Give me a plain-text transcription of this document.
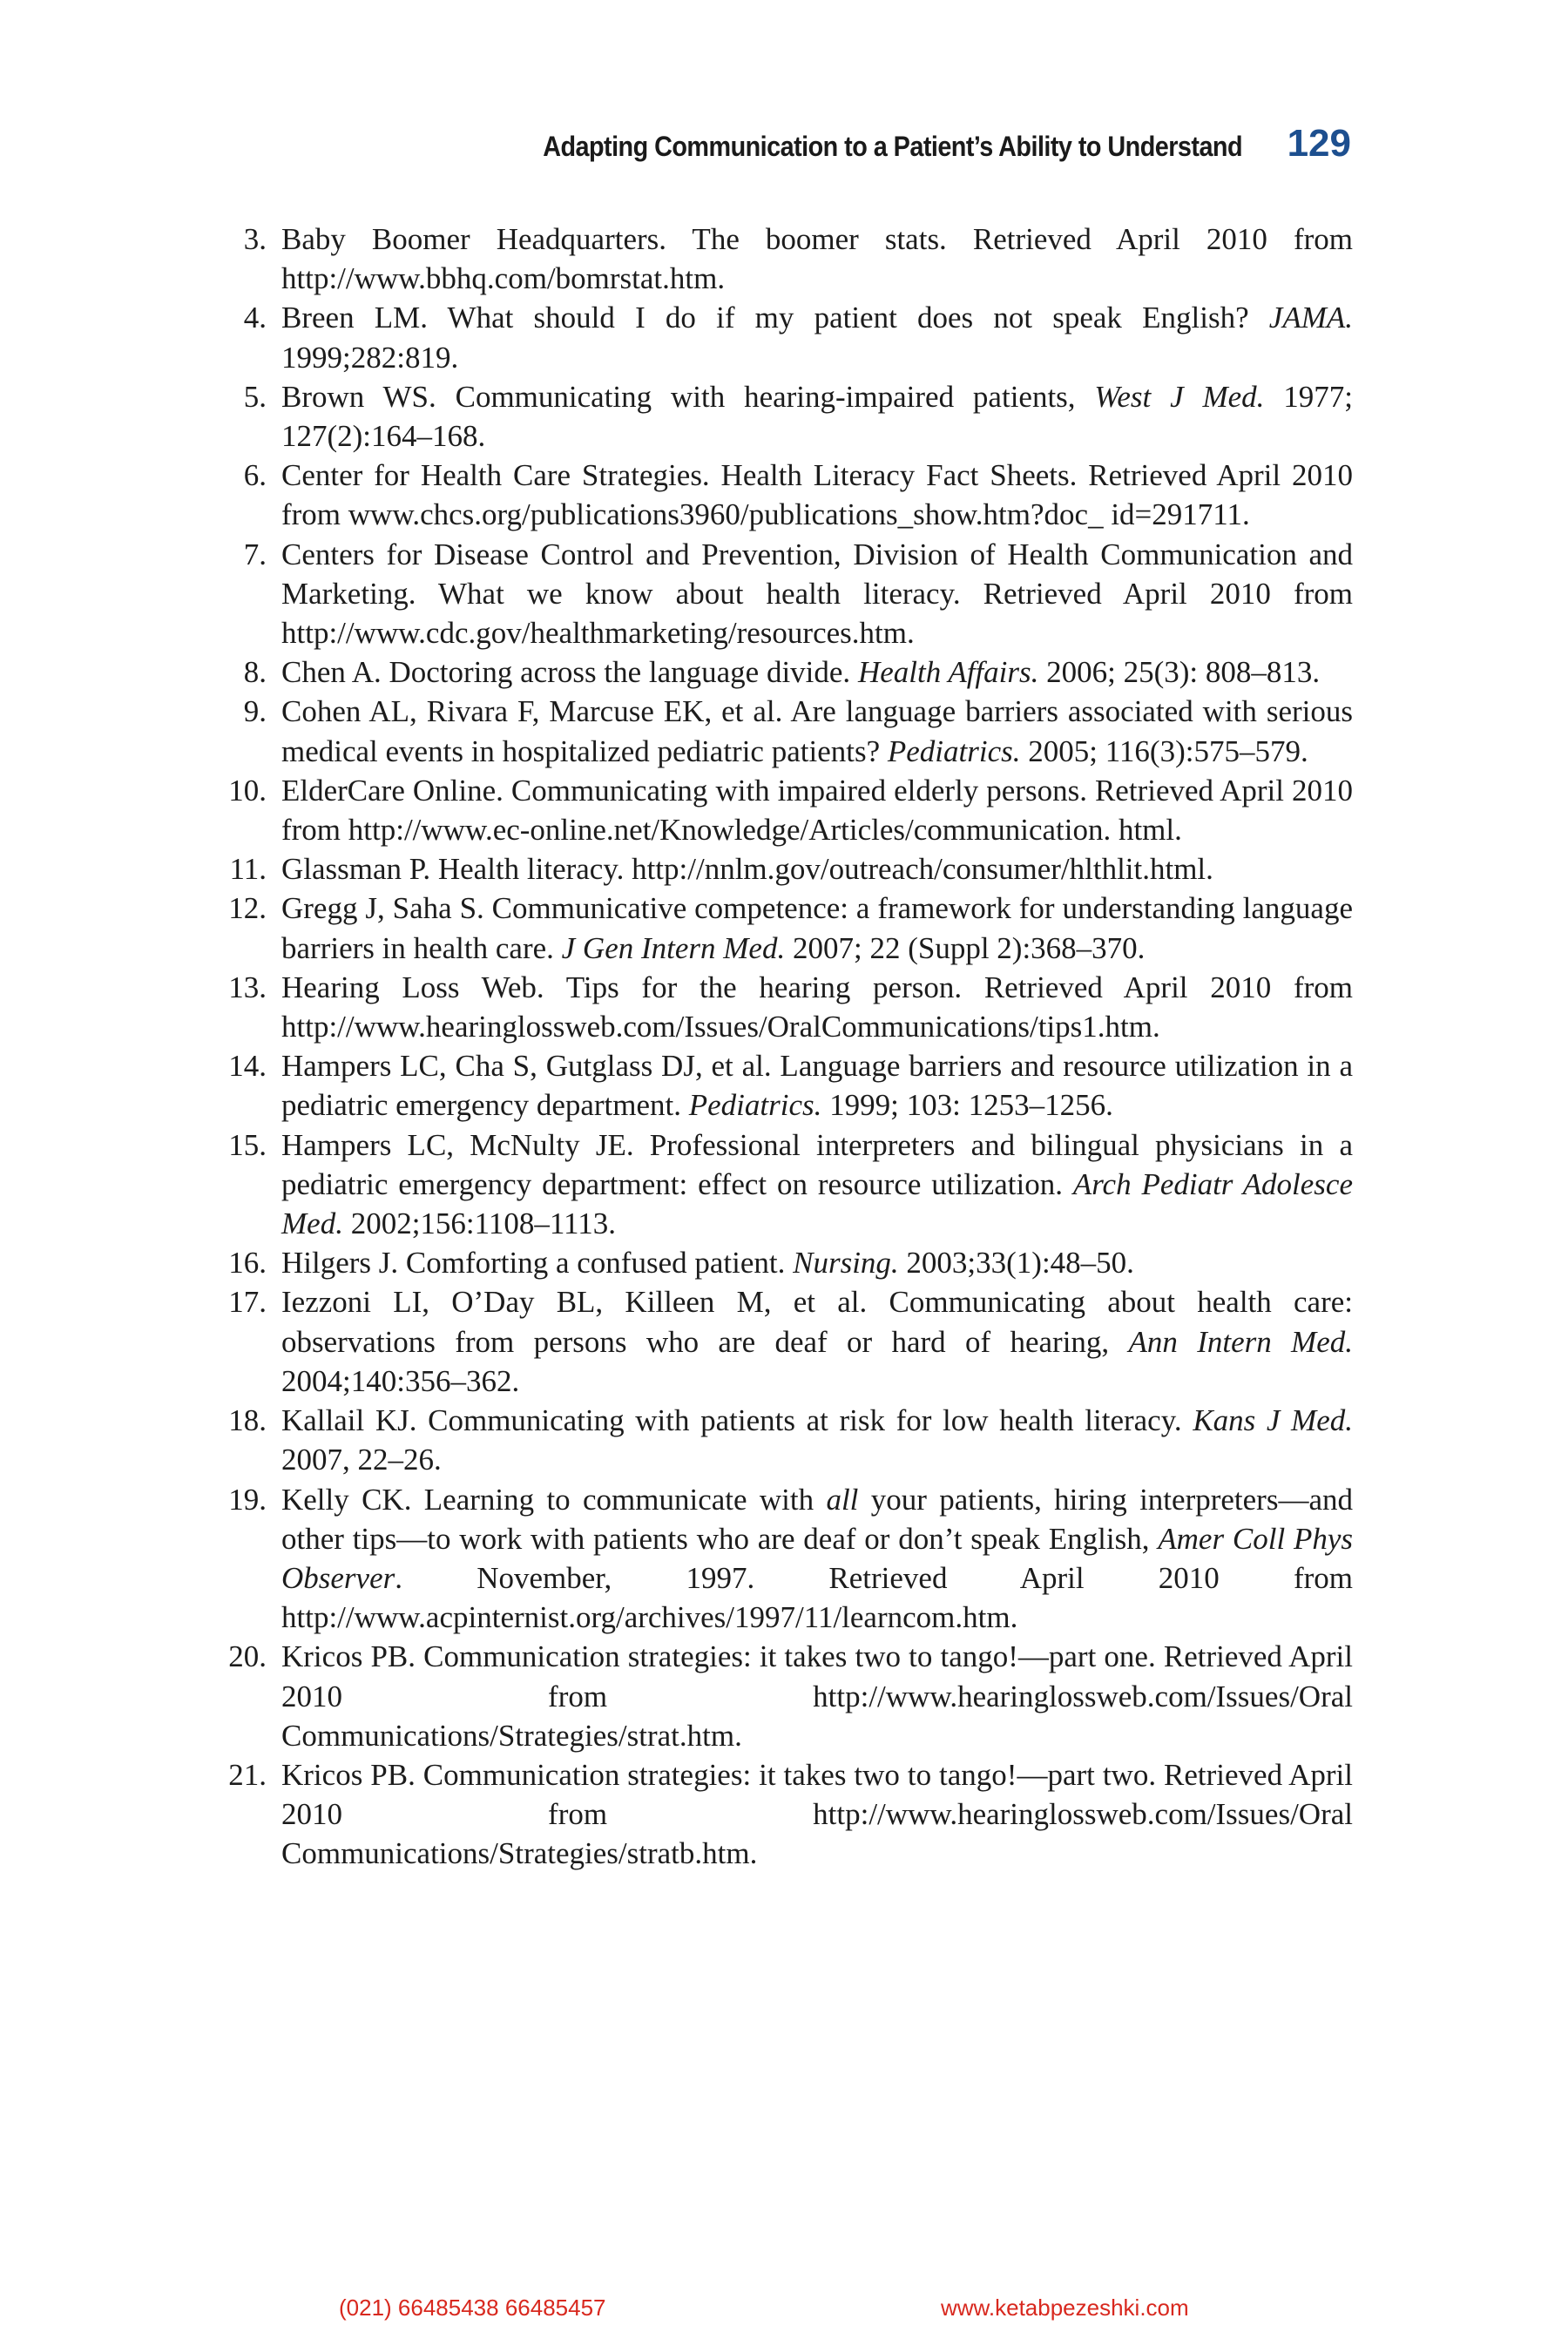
Adapting Communication to a Patient’s Ability to Understand 129
3. Baby Boomer Headquarters. The boomer stats. Retrieved April 2010 from http://www.bbhq.com/bomrstat.htm.
4. Breen LM. What should I do if my patient does not speak English? JAMA. 1999;282:819.
5. Brown WS. Communicating with hearing-impaired patients, West J Med. 1977; 127(2):164–168.
6. Center for Health Care Strategies. Health Literacy Fact Sheets. Retrieved April 2010 from www.chcs.org/publications3960/publications_show.htm?doc_ id=291711.
7. Centers for Disease Control and Prevention, Division of Health Communication and Marketing. What we know about health literacy. Retrieved April 2010 from http://www.cdc.gov/healthmarketing/resources.htm.
8. Chen A. Doctoring across the language divide. Health Affairs. 2006; 25(3): 808–813.
9. Cohen AL, Rivara F, Marcuse EK, et al. Are language barriers associated with serious medical events in hospitalized pediatric patients? Pediatrics. 2005; 116(3):575–579.
10. ElderCare Online. Communicating with impaired elderly persons. Retrieved April 2010 from http://www.ec-online.net/Knowledge/Articles/communication. html.
11. Glassman P. Health literacy. http://nnlm.gov/outreach/consumer/hlthlit.html.
12. Gregg J, Saha S. Communicative competence: a framework for understanding language barriers in health care. J Gen Intern Med. 2007; 22 (Suppl 2):368–370.
13. Hearing Loss Web. Tips for the hearing person. Retrieved April 2010 from http://www.hearinglossweb.com/Issues/OralCommunications/tips1.htm.
14. Hampers LC, Cha S, Gutglass DJ, et al. Language barriers and resource utilization in a pediatric emergency department. Pediatrics. 1999; 103: 1253–1256.
15. Hampers LC, McNulty JE. Professional interpreters and bilingual physicians in a pediatric emergency department: effect on resource utilization. Arch Pediatr Adolesce Med. 2002;156:1108–1113.
16. Hilgers J. Comforting a confused patient. Nursing. 2003;33(1):48–50.
17. Iezzoni LI, O’Day BL, Killeen M, et al. Communicating about health care: observations from persons who are deaf or hard of hearing, Ann Intern Med. 2004;140:356–362.
18. Kallail KJ. Communicating with patients at risk for low health literacy. Kans J Med. 2007, 22–26.
19. Kelly CK. Learning to communicate with all your patients, hiring interpreters—and other tips—to work with patients who are deaf or don’t speak English, Amer Coll Phys Observer. November, 1997. Retrieved April 2010 from http://www.acpinternist.org/archives/1997/11/learncom.htm.
20. Kricos PB. Communication strategies: it takes two to tango!—part one. Retrieved April 2010 from http://www.hearinglossweb.com/Issues/Oral Communications/Strategies/strat.htm.
21. Kricos PB. Communication strategies: it takes two to tango!—part two. Retrieved April 2010 from http://www.hearinglossweb.com/Issues/Oral Communications/Strategies/stratb.htm.
(021) 66485438 66485457	www.ketabpezeshki.com
